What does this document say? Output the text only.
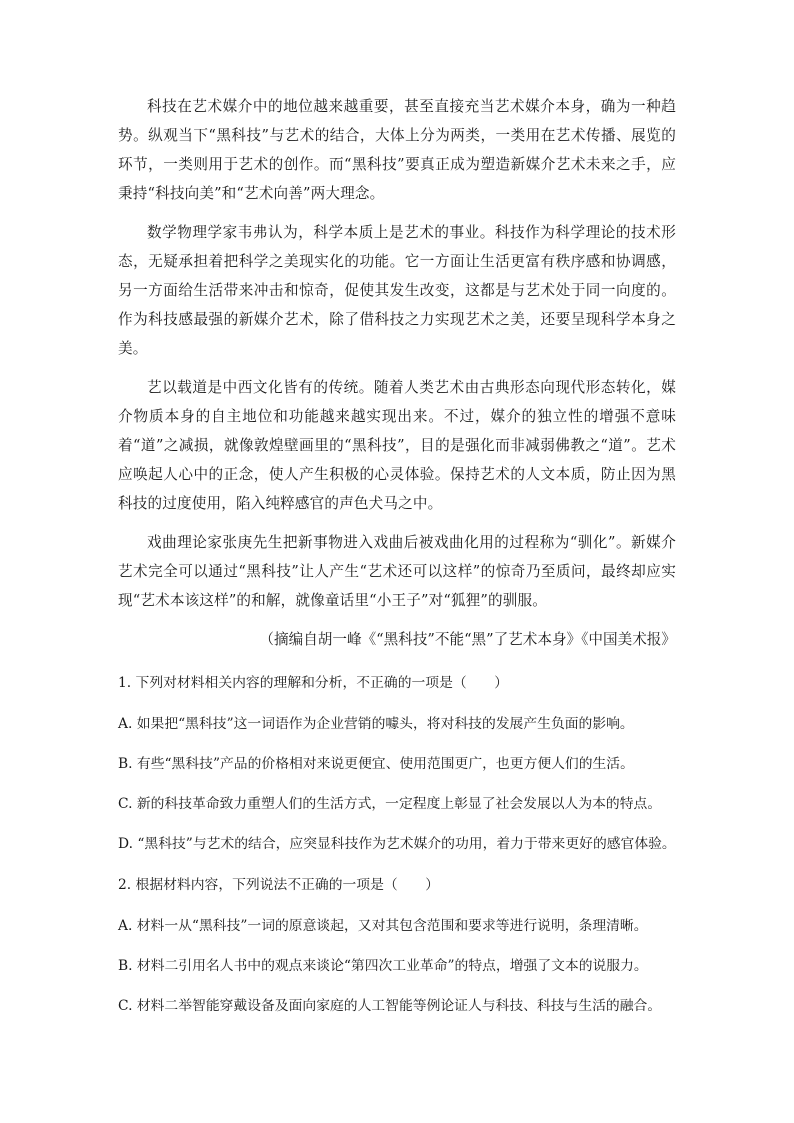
科技在艺术媒介中的地位越来越重要，甚至直接充当艺术媒介本身，确为一种趋势。纵观当下“黑科技”与艺术的结合，大体上分为两类，一类用在艺术传播、展览的环节，一类则用于艺术的创作。而“黑科技”要真正成为塑造新媒介艺术未来之手，应秉持“科技向美”和“艺术向善”两大理念。

数学物理学家韦弗认为，科学本质上是艺术的事业。科技作为科学理论的技术形态，无疑承担着把科学之美现实化的功能。它一方面让生活更富有秩序感和协调感，另一方面给生活带来冲击和惊奇，促使其发生改变，这都是与艺术处于同一向度的。作为科技感最强的新媒介艺术，除了借科技之力实现艺术之美，还要呈现科学本身之美。

艺以载道是中西文化皆有的传统。随着人类艺术由古典形态向现代形态转化，媒介物质本身的自主地位和功能越来越实现出来。不过，媒介的独立性的增强不意味着“道”之减损，就像敦煌壁画里的“黑科技”，目的是强化而非减弱佛教之“道”。艺术应唤起人心中的正念，使人产生积极的心灵体验。保持艺术的人文本质，防止因为黑科技的过度使用，陷入纯粹感官的声色犬马之中。

戏曲理论家张庚先生把新事物进入戏曲后被戏曲化用的过程称为“驯化”。新媒介艺术完全可以通过“黑科技”让人产生“艺术还可以这样”的惊奇乃至质问，最终却应实现“艺术本该这样”的和解，就像童话里“小王子”对“狐狸”的驯服。

（摘编自胡一峰《“黑科技”不能“黑”了艺术本身》《中国美术报》

1. 下列对材料相关内容的理解和分析，不正确的一项是（　　）

A. 如果把“黑科技”这一词语作为企业营销的噱头，将对科技的发展产生负面的影响。

B. 有些“黑科技”产品的价格相对来说更便宜、使用范围更广，也更方便人们的生活。

C. 新的科技革命致力重塑人们的生活方式，一定程度上彰显了社会发展以人为本的特点。

D. “黑科技”与艺术的结合，应突显科技作为艺术媒介的功用，着力于带来更好的感官体验。

2. 根据材料内容，下列说法不正确的一项是（　　）

A. 材料一从“黑科技”一词的原意谈起，又对其包含范围和要求等进行说明，条理清晰。

B. 材料二引用名人书中的观点来谈论“第四次工业革命”的特点，增强了文本的说服力。

C. 材料二举智能穿戴设备及面向家庭的人工智能等例论证人与科技、科技与生活的融合。
